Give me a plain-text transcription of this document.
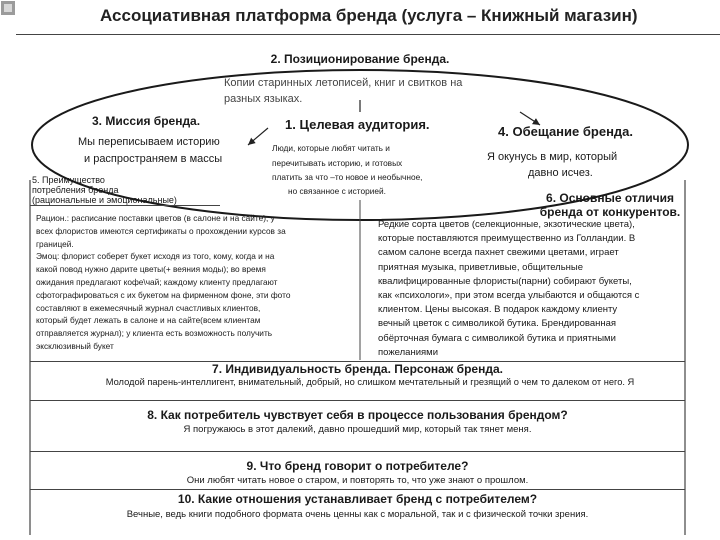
Ассоциативная платформа бренда (услуга – Книжный магазин)
2. Позиционирование бренда.
Копии старинных летописей, книг и свитков на
разных языках.
3. Миссия бренда.
Мы переписываем историю
и распространяем в массы
1. Целевая аудитория.
Люди, которые любят читать и
перечитывать историю, и готовых
платить за что –то новое и необычное,
но связанное с историей.
4. Обещание бренда.
Я окунусь в мир, который
давно исчез.
5. Преимущество
потребления бренда
(рациональные и эмоциональные)
Рацион.: расписание поставки цветов (в салоне и на сайте); у
всех флористов имеются сертификаты о прохождении курсов за
границей.
Эмоц: флорист соберет букет исходя из того, кому, когда и на
какой повод нужно дарите цветы(+ веяния моды); во время
ожидания предлагают кофе\чай; каждому клиенту предлагают
сфотографироваться с их букетом на фирменном фоне, эти фото
составляют в ежемесячный журнал счастливых клиентов,
который будет лежать в салоне и на сайте(всем клиентам
отправляется журнал); у клиента есть возможность получить
эксклюзивный букет
6. Основные отличия
бренда от конкурентов.
Редкие сорта цветов (селекционные, экзотические цвета),
которые поставляются преимущественно из Голландии. В
самом салоне всегда пахнет свежими цветами, играет
приятная музыка, приветливые, общительные
квалифицированные флористы(парни) собирают букеты,
как «психологи», при этом всегда улыбаются и общаются с
клиентом. Цены высокая. В подарок каждому клиенту
вечный цветок с символикой бутика. Брендированная
обёрточная бумага с символикой бутика и приятными
пожеланиями
7. Индивидуальность бренда. Персонаж бренда.
Молодой парень-интеллигент, внимательный, добрый, но слишком мечтательный и грезящий о чем то далеком от него. Я
8. Как потребитель чувствует себя в процессе пользования брендом?
Я погружаюсь в этот далекий, давно прошедший мир, который так тянет меня.
9. Что бренд говорит о потребителе?
Они любят читать новое о старом, и повторять то, что уже знают о прошлом.
10. Какие отношения устанавливает бренд с потребителем?
Вечные, ведь книги подобного формата очень ценны как с моральной, так и с физической точки зрения.
